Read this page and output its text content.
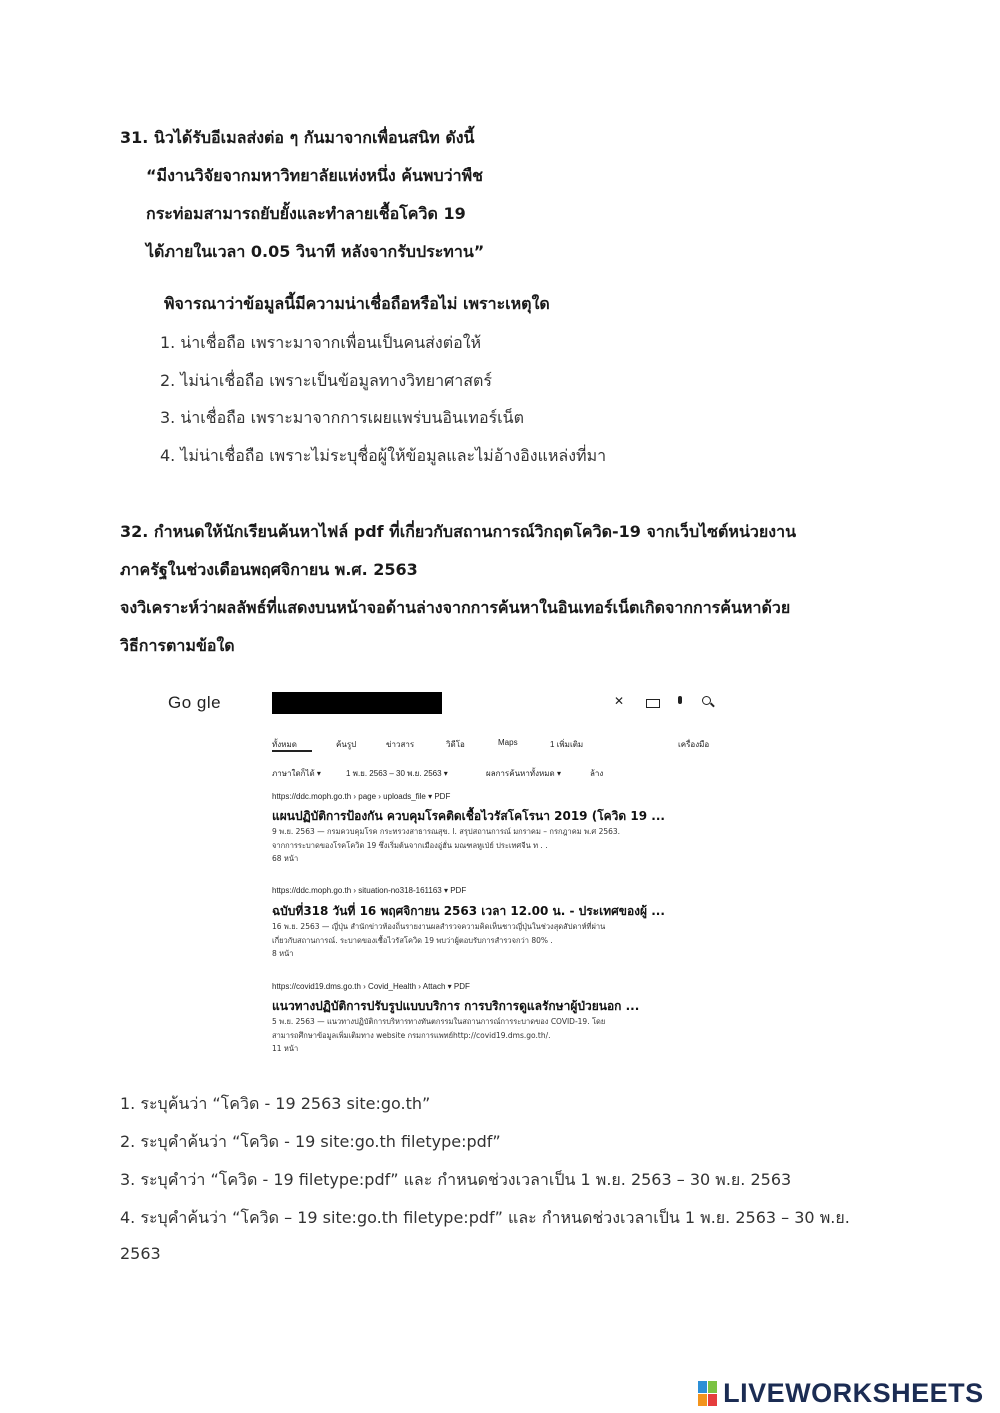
31. นิวได้รับอีเมลส่งต่อ ๆ กันมาจากเพื่อนสนิท ดังนี้
“มีงานวิจัยจากมหาวิทยาลัยแห่งหนึ่ง ค้นพบว่าพืช
กระท่อมสามารถยับยั้งและทำลายเชื้อโควิด 19
ได้ภายในเวลา 0.05 วินาที หลังจากรับประทาน”
พิจารณาว่าข้อมูลนี้มีความน่าเชื่อถือหรือไม่ เพราะเหตุใด
1. น่าเชื่อถือ เพราะมาจากเพื่อนเป็นคนส่งต่อให้
2. ไม่น่าเชื่อถือ เพราะเป็นข้อมูลทางวิทยาศาสตร์
3. น่าเชื่อถือ เพราะมาจากการเผยแพร่บนอินเทอร์เน็ต
4. ไม่น่าเชื่อถือ เพราะไม่ระบุชื่อผู้ให้ข้อมูลและไม่อ้างอิงแหล่งที่มา
32. กำหนดให้นักเรียนค้นหาไฟล์ pdf ที่เกี่ยวกับสถานการณ์วิกฤตโควิด-19 จากเว็บไซต์หน่วยงาน
ภาครัฐในช่วงเดือนพฤศจิกายน พ.ศ. 2563
จงวิเคราะห์ว่าผลลัพธ์ที่แสดงบนหน้าจอด้านล่างจากการค้นหาในอินเทอร์เน็ตเกิดจากการค้นหาด้วย
วิธีการตามข้อใด
Go gle	✕
ทั้งหมด	ค้นรูป	ข่าวสาร	วิดีโอ	Maps	1 เพิ่มเติม	เครื่องมือ
ภาษาใดก็ได้ ▾	1 พ.ย. 2563 – 30 พ.ย. 2563 ▾	ผลการค้นหาทั้งหมด ▾	ล้าง
https://ddc.moph.go.th › page › uploads_file ▾ PDF
แผนปฏิบัติการป้องกัน ควบคุมโรคติดเชื้อไวรัสโคโรนา 2019 (โควิด 19 ...
9 พ.ย. 2563 — กรมควบคุมโรค กระทรวงสาธารณสุข. l. สรุปสถานการณ์ มกราคม – กรกฎาคม พ.ศ 2563.
จากการระบาดของโรคโควิด 19 ซึ่งเริ่มต้นจากเมืองอู่ฮั่น มณฑลหูเป่ย์ ประเทศจีน ท . .
68 หน้า
https://ddc.moph.go.th › situation-no318-161163 ▾ PDF
ฉบับที่318 วันที่ 16 พฤศจิกายน 2563 เวลา 12.00 น. - ประเทศของผู้ ...
16 พ.ย. 2563 — ญี่ปุ่น สำนักข่าวท้องถิ่นรายงานผลสำรวจความคิดเห็นชาวญี่ปุ่นในช่วงสุดสัปดาห์ที่ผ่าน
เกี่ยวกับสถานการณ์. ระบาดของเชื้อไวรัสโควิด 19 พบว่าผู้ตอบรับการสำรวจกว่า 80% .
8 หน้า
https://covid19.dms.go.th › Covid_Health › Attach ▾ PDF
แนวทางปฏิบัติการปรับรูปแบบบริการ การบริการดูแลรักษาผู้ป่วยนอก ...
5 พ.ย. 2563 — แนวทางปฏิบัติการบริหารทางทันตกรรมในสถานการณ์การระบาดของ COVID-19. โดย
สามารถศึกษาข้อมูลเพิ่มเติมทาง website กรมการแพทย์http://covid19.dms.go.th/.
11 หน้า
1. ระบุค้นว่า “โควิด - 19 2563 site:go.th”
2. ระบุคำค้นว่า “โควิด - 19 site:go.th filetype:pdf”
3. ระบุคำว่า “โควิด - 19 filetype:pdf” และ กำหนดช่วงเวลาเป็น 1 พ.ย. 2563 – 30 พ.ย. 2563
4. ระบุคำค้นว่า “โควิด – 19 site:go.th filetype:pdf” และ กำหนดช่วงเวลาเป็น 1 พ.ย. 2563 – 30 พ.ย.
2563
LIVEWORKSHEETS
